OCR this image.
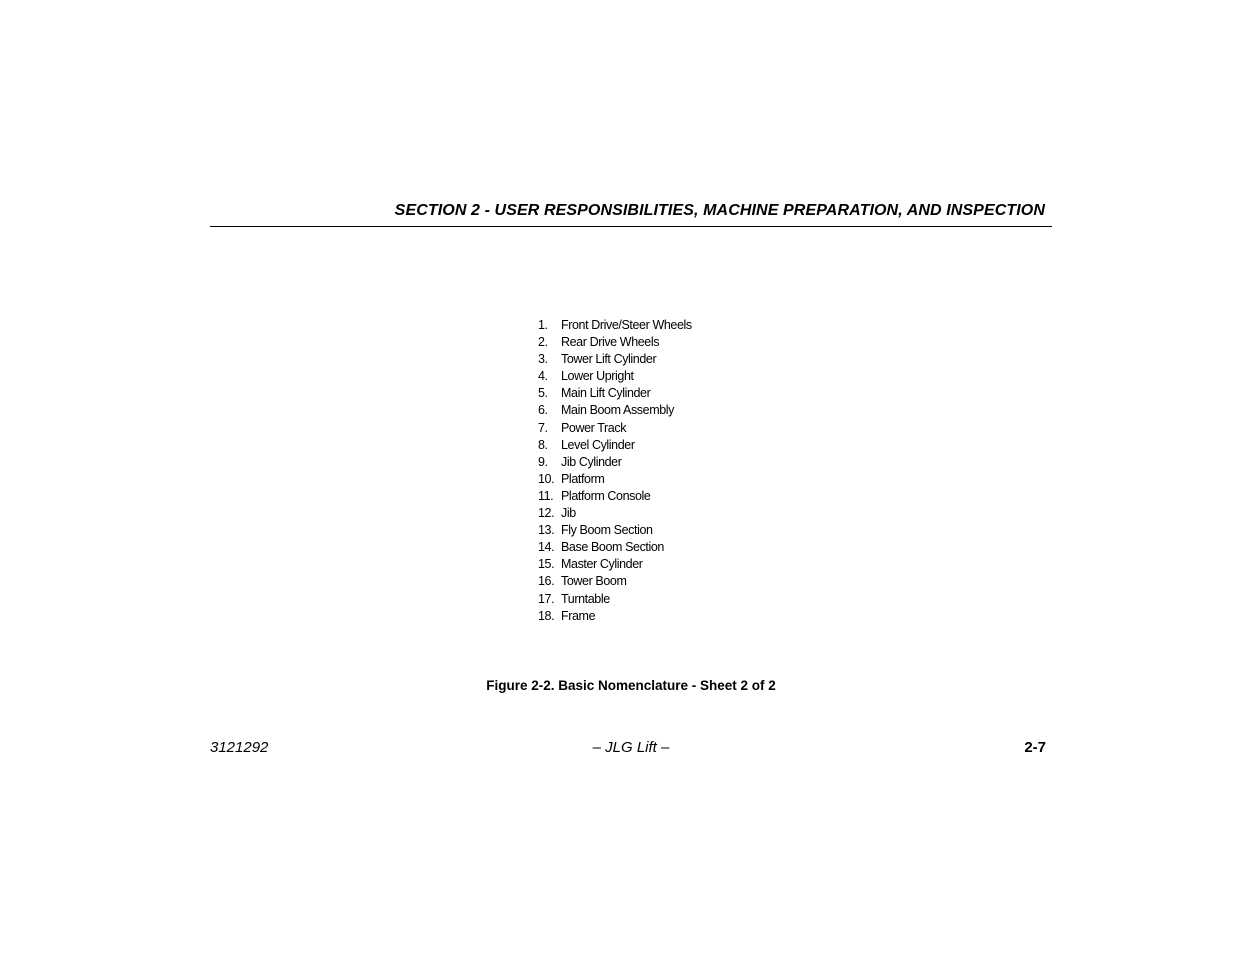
SECTION 2 - USER RESPONSIBILITIES, MACHINE PREPARATION, AND INSPECTION
1.	Front Drive/Steer Wheels
2.	Rear Drive Wheels
3.	Tower Lift Cylinder
4.	Lower Upright
5.	Main Lift Cylinder
6.	Main Boom Assembly
7.	Power Track
8.	Level Cylinder
9.	Jib Cylinder
10. Platform
11. Platform Console
12. Jib
13. Fly Boom Section
14. Base Boom Section
15. Master Cylinder
16. Tower Boom
17. Turntable
18. Frame
Figure 2-2. Basic Nomenclature - Sheet 2 of 2
3121292	– JLG Lift –	2-7
